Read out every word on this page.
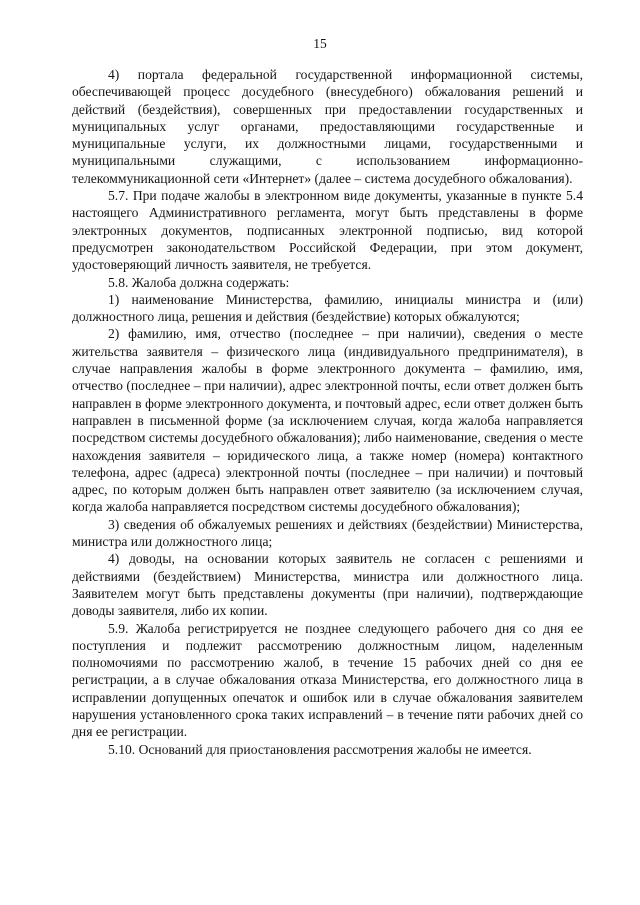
15

4) портала федеральной государственной информационной системы, обеспечивающей процесс досудебного (внесудебного) обжалования решений и действий (бездействия), совершенных при предоставлении государственных и муниципальных услуг органами, предоставляющими государственные и муниципальные услуги, их должностными лицами, государственными и муниципальными служащими, с использованием информационно-телекоммуникационной сети «Интернет» (далее – система досудебного обжалования).

5.7. При подаче жалобы в электронном виде документы, указанные в пункте 5.4 настоящего Административного регламента, могут быть представлены в форме электронных документов, подписанных электронной подписью, вид которой предусмотрен законодательством Российской Федерации, при этом документ, удостоверяющий личность заявителя, не требуется.

5.8. Жалоба должна содержать:

1) наименование Министерства, фамилию, инициалы министра и (или) должностного лица, решения и действия (бездействие) которых обжалуются;

2) фамилию, имя, отчество (последнее – при наличии), сведения о месте жительства заявителя – физического лица (индивидуального предпринимателя), в случае направления жалобы в форме электронного документа – фамилию, имя, отчество (последнее – при наличии), адрес электронной почты, если ответ должен быть направлен в форме электронного документа, и почтовый адрес, если ответ должен быть направлен в письменной форме (за исключением случая, когда жалоба направляется посредством системы досудебного обжалования); либо наименование, сведения о месте нахождения заявителя – юридического лица, а также номер (номера) контактного телефона, адрес (адреса) электронной почты (последнее – при наличии) и почтовый адрес, по которым должен быть направлен ответ заявителю (за исключением случая, когда жалоба направляется посредством системы досудебного обжалования);

3) сведения об обжалуемых решениях и действиях (бездействии) Министерства, министра или должностного лица;

4) доводы, на основании которых заявитель не согласен с решениями и действиями (бездействием) Министерства, министра или должностного лица. Заявителем могут быть представлены документы (при наличии), подтверждающие доводы заявителя, либо их копии.

5.9. Жалоба регистрируется не позднее следующего рабочего дня со дня ее поступления и подлежит рассмотрению должностным лицом, наделенным полномочиями по рассмотрению жалоб, в течение 15 рабочих дней со дня ее регистрации, а в случае обжалования отказа Министерства, его должностного лица в исправлении допущенных опечаток и ошибок или в случае обжалования заявителем нарушения установленного срока таких исправлений – в течение пяти рабочих дней со дня ее регистрации.

5.10. Оснований для приостановления рассмотрения жалобы не имеется.
